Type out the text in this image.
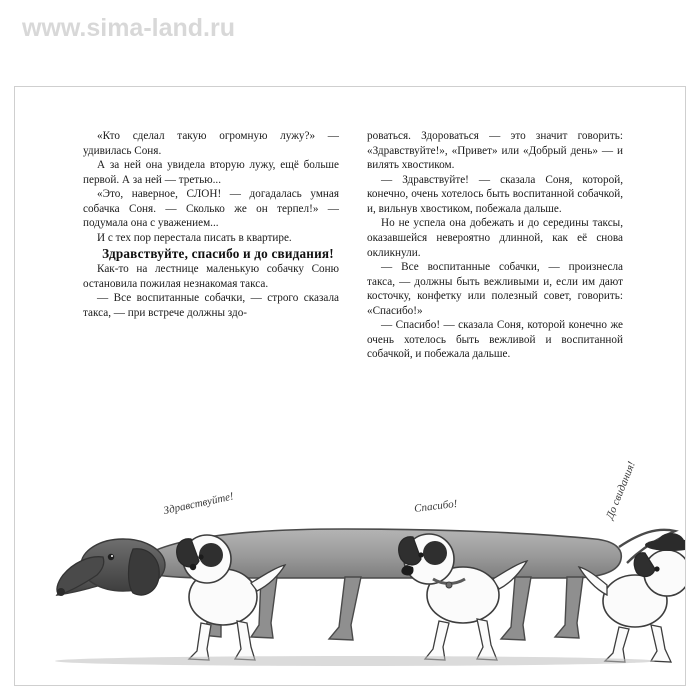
www.sima-land.ru

«Кто сделал такую огромную лужу?» — удивилась Соня.

А за ней она увидела вторую лужу, ещё больше первой. А за ней — третью...

«Это, наверное, СЛОН! — догадалась умная собачка Соня. — Сколько же он терпел!» — подумала она с уважением...

И с тех пор перестала писать в квартире.

Здравствуйте, спасибо и до свидания!

Как-то на лестнице маленькую собачку Соню остановила пожилая незнакомая такса.

— Все воспитанные собачки, — строго сказала такса, — при встрече должны здо-

роваться. Здороваться — это значит говорить: «Здравствуйте!», «Привет» или «Добрый день» — и вилять хвостиком.

— Здравствуйте! — сказала Соня, которой, конечно, очень хотелось быть воспитанной собачкой, и, вильнув хвостиком, побежала дальше.

Но не успела она добежать и до середины таксы, оказавшейся невероятно длинной, как её снова окликнули.

— Все воспитанные собачки, — произнесла такса, — должны быть вежливыми и, если им дают косточку, конфетку или полезный совет, говорить: «Спасибо!»

— Спасибо! — сказала Соня, которой конечно же очень хотелось быть вежливой и воспитанной собачкой, и побежала дальше.

Здравствуйте!	Спасибо!	До свидания!
